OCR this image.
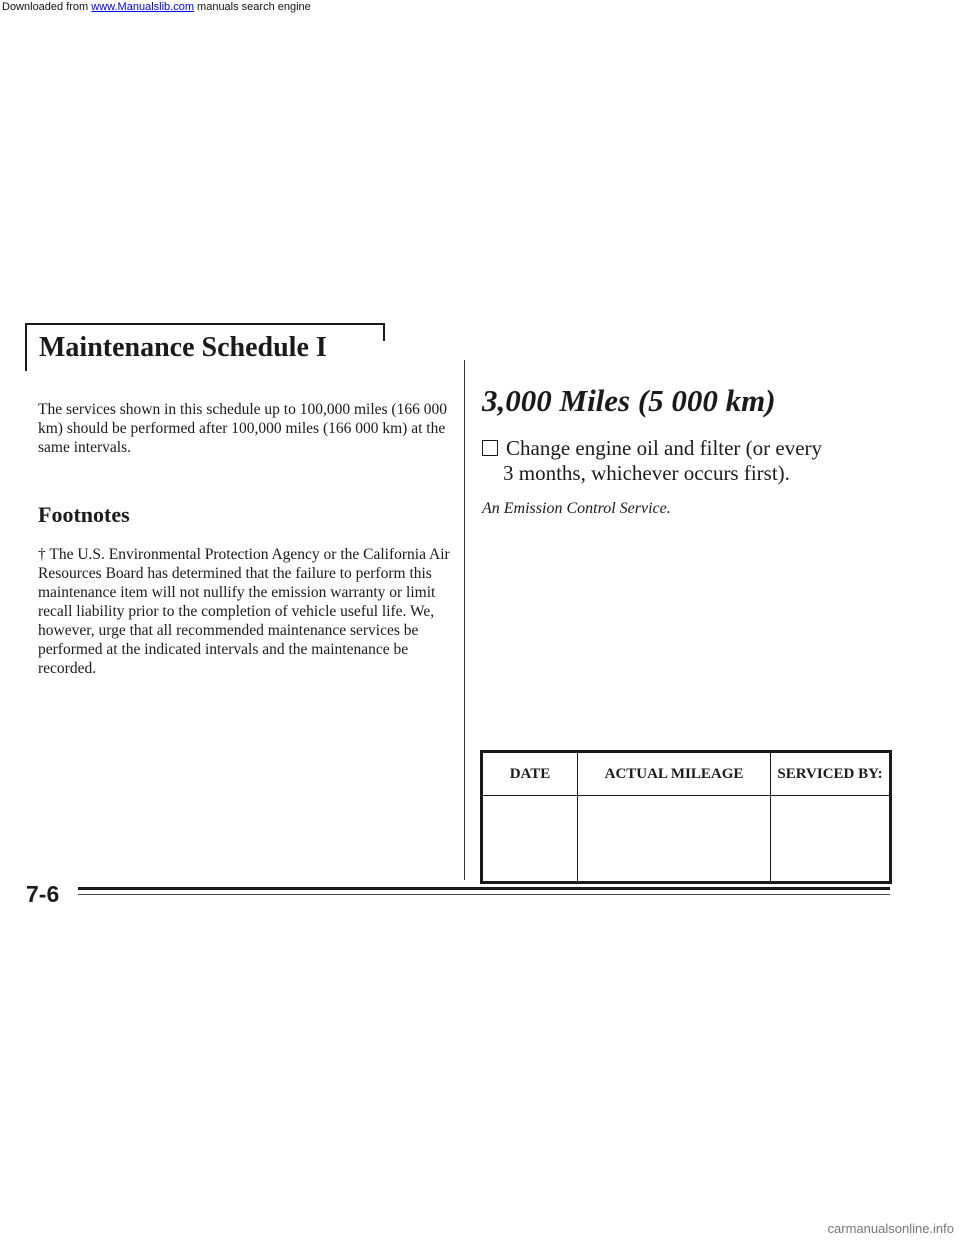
Downloaded from www.Manualslib.com manuals search engine
Maintenance Schedule I
The services shown in this schedule up to 100,000 miles (166 000 km) should be performed after 100,000 miles (166 000 km) at the same intervals.
Footnotes
† The U.S. Environmental Protection Agency or the California Air Resources Board has determined that the failure to perform this maintenance item will not nullify the emission warranty or limit recall liability prior to the completion of vehicle useful life. We, however, urge that all recommended maintenance services be performed at the indicated intervals and the maintenance be recorded.
3,000 Miles (5 000 km)
Change engine oil and filter (or every
3 months, whichever occurs first).
An Emission Control Service.
DATE	ACTUAL MILEAGE	SERVICED BY:

7-6
carmanualsonline.info
